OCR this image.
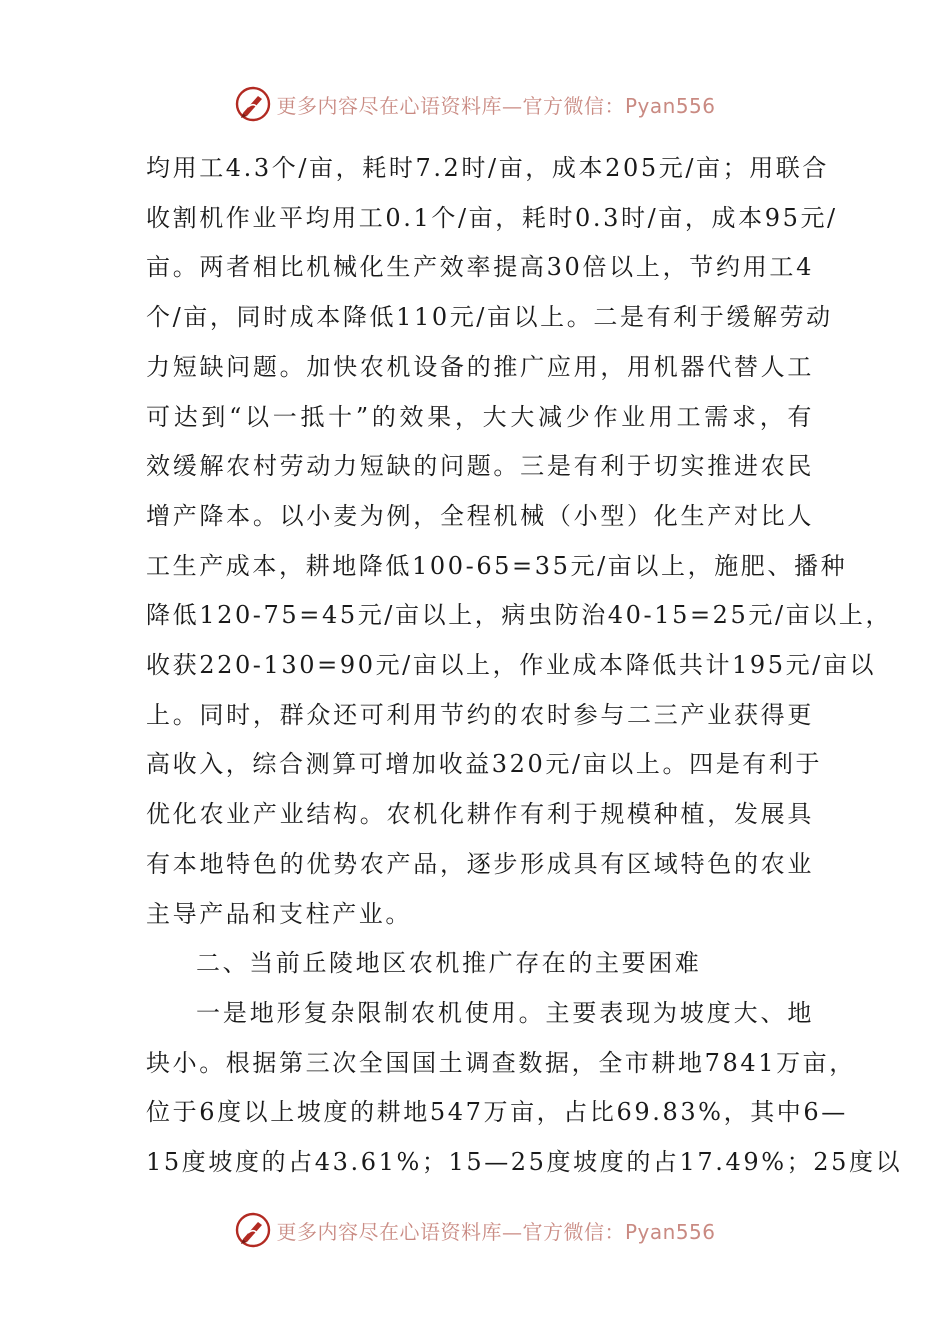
更多内容尽在心语资料库—官方微信：Pyan556

均用工4.3个/亩，耗时7.2时/亩，成本205元/亩；用联合
收割机作业平均用工0.1个/亩，耗时0.3时/亩，成本95元/
亩。两者相比机械化生产效率提高30倍以上，节约用工4
个/亩，同时成本降低110元/亩以上。二是有利于缓解劳动
力短缺问题。加快农机设备的推广应用，用机器代替人工
可达到“以一抵十”的效果，大大减少作业用工需求，有
效缓解农村劳动力短缺的问题。三是有利于切实推进农民
增产降本。以小麦为例，全程机械（小型）化生产对比人
工生产成本，耕地降低100-65=35元/亩以上，施肥、播种
降低120-75=45元/亩以上，病虫防治40-15=25元/亩以上，
收获220-130=90元/亩以上，作业成本降低共计195元/亩以
上。同时，群众还可利用节约的农时参与二三产业获得更
高收入，综合测算可增加收益320元/亩以上。四是有利于
优化农业产业结构。农机化耕作有利于规模种植，发展具
有本地特色的优势农产品，逐步形成具有区域特色的农业
主导产品和支柱产业。

二、当前丘陵地区农机推广存在的主要困难

一是地形复杂限制农机使用。主要表现为坡度大、地
块小。根据第三次全国国土调查数据，全市耕地7841万亩，
位于6度以上坡度的耕地547万亩，占比69.83%，其中6—
15度坡度的占43.61%；15—25度坡度的占17.49%；25度以

更多内容尽在心语资料库—官方微信：Pyan556
